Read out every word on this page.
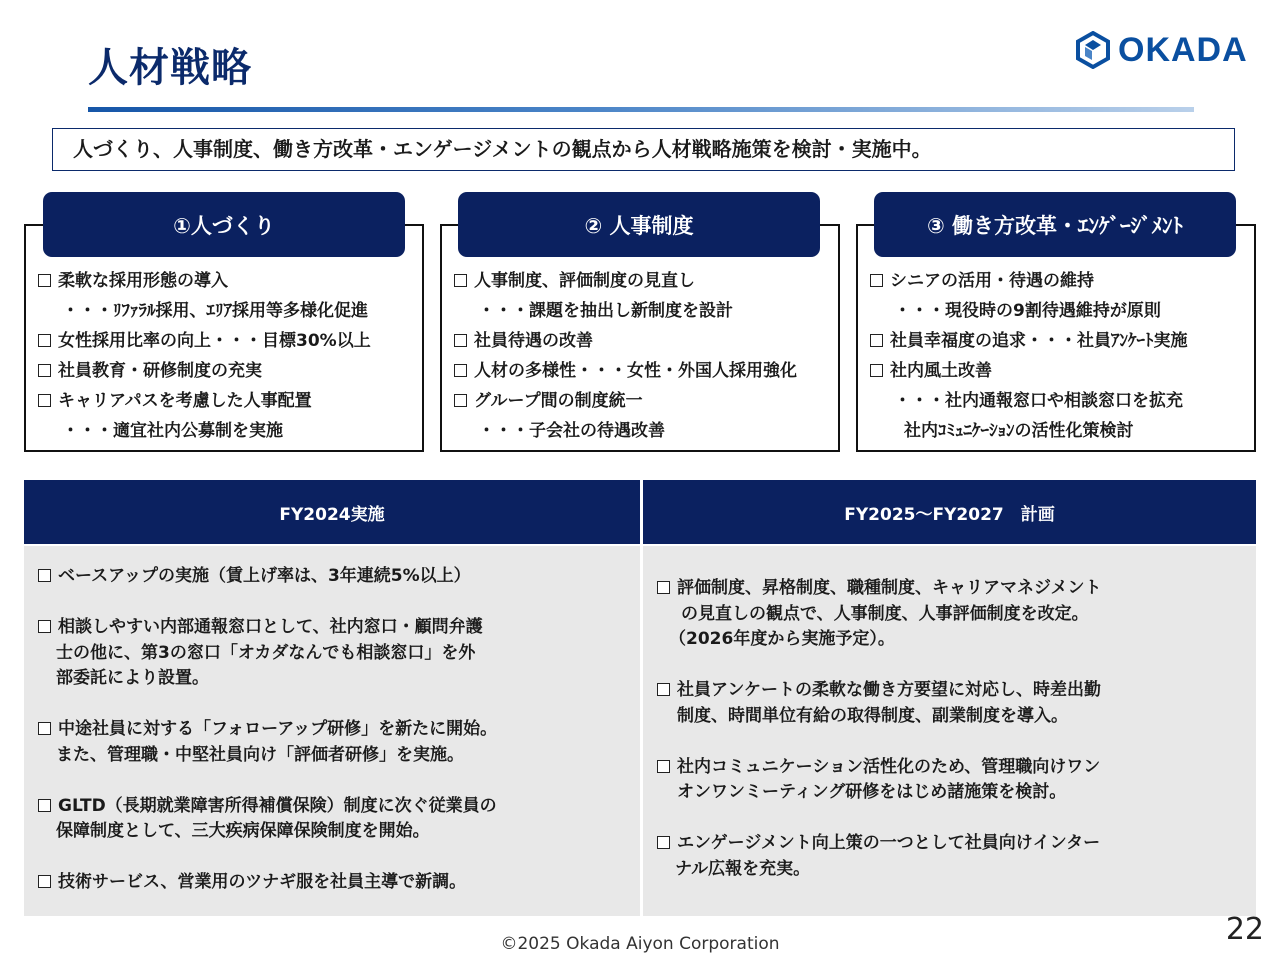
人材戦略	OKADA
人づくり、人事制度、働き方改革・エンゲージメントの観点から人材戦略施策を検討・実施中。
①人づくり
柔軟な採用形態の導入
・・・ﾘﾌｧﾗﾙ採用、ｴﾘｱ採用等多様化促進
女性採用比率の向上・・・目標30%以上
社員教育・研修制度の充実
キャリアパスを考慮した人事配置
・・・適宜社内公募制を実施
② 人事制度
人事制度、評価制度の見直し
・・・課題を抽出し新制度を設計
社員待遇の改善
人材の多様性・・・女性・外国人採用強化
グループ間の制度統一
・・・子会社の待遇改善
③ 働き方改革・ｴﾝｹﾞｰｼﾞﾒﾝﾄ
シニアの活用・待遇の維持
・・・現役時の9割待遇維持が原則
社員幸福度の追求・・・社員ｱﾝｹｰﾄ実施
社内風土改善
・・・社内通報窓口や相談窓口を拡充
社内ｺﾐｭﾆｹｰｼｮﾝの活性化策検討
FY2024実施	FY2025～FY2027　計画
ベースアップの実施（賃上げ率は、3年連続5%以上）
相談しやすい内部通報窓口として、社内窓口・顧問弁護
士の他に、第3の窓口「オカダなんでも相談窓口」を外
部委託により設置。
中途社員に対する「フォローアップ研修」を新たに開始。
また、管理職・中堅社員向け「評価者研修」を実施。
GLTD（長期就業障害所得補償保険）制度に次ぐ従業員の
保障制度として、三大疾病保障保険制度を開始。
技術サービス、営業用のツナギ服を社員主導で新調。
評価制度、昇格制度、職種制度、キャリアマネジメント
の見直しの観点で、人事制度、人事評価制度を改定。
（2026年度から実施予定）。
社員アンケートの柔軟な働き方要望に対応し、時差出勤
制度、時間単位有給の取得制度、副業制度を導入。
社内コミュニケーション活性化のため、管理職向けワン
オンワンミーティング研修をはじめ諸施策を検討。
エンゲージメント向上策の一つとして社員向けインター
ナル広報を充実。
©2025 Okada Aiyon Corporation	22
